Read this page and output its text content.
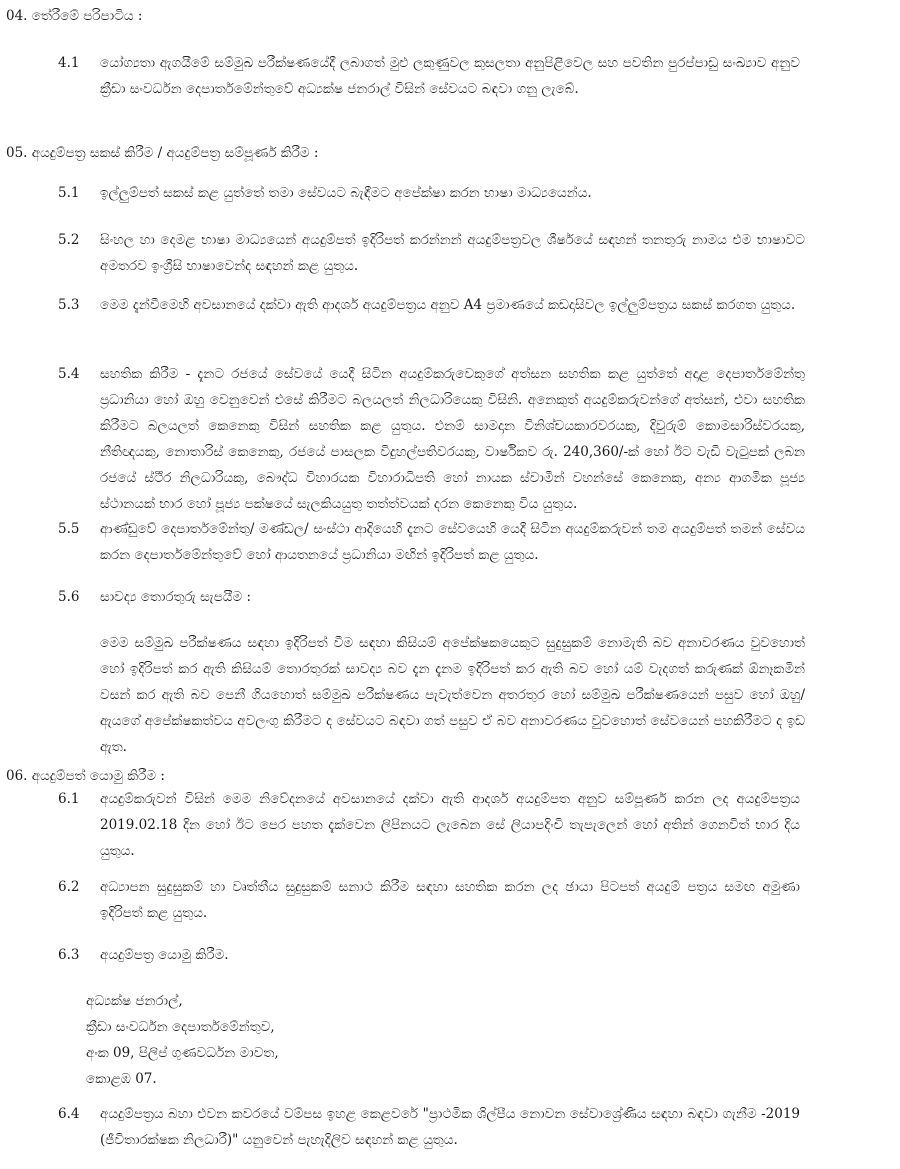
04. තේරීමේ පරිපාටිය :
4.1 යෝග්‍යතා ඇගයීමේ සම්මුඛ පරීක්ෂණයේදී ලබාගත් මුළු ලකුණුවල කුසලතා අනුපිළිවෙල සහ පවතින පුරප්පාඩු සංඛ්‍යාව අනුව ක්‍රීඩා සංවර්ධන දෙපාර්තමේන්තුවේ අධ්‍යක්ෂ ජනරාල් විසින් සේවයට බඳවා ගනු ලැබේ.
05. අයදුම්පත්‍ර සකස් කිරීම / අයදුම්පත්‍ර සම්පූර්ණ කිරීම :
5.1 ඉල්ලුම්පත් සකස් කළ යුත්තේ තමා සේවයට බැඳීමට අපේක්ෂා කරන භාෂා මාධ්‍යයෙන්ය.
5.2 සිංහල හා දෙමළ භාෂා මාධ්‍යයෙන් අයදුම්පත් ඉදිරිපත් කරන්නන් අයදුම්පත්‍රවල ශීර්ෂයේ සඳහන් තනතුරු නාමය එම භාෂාවට අමතරව ඉංග්‍රීසි භාෂාවෙන්ද සඳහන් කළ යුතුය.
5.3 මෙම දැන්වීමෙහි අවසානයේ දක්වා ඇති ආදර්ශ අයදුම්පත්‍රය අනුව A4 ප්‍රමාණයේ කඩදාසිවල ඉල්ලුම්පත්‍රය සකස් කරගත යුතුය.
5.4 සහතික කිරීම - දැනට රජයේ සේවයේ යෙදී සිටින අයදුම්කරුවෙකුගේ අත්සන සහතික කළ යුත්තේ අදාළ දෙපාර්තමේන්තු ප්‍රධානියා හෝ ඔහු වෙනුවෙන් එසේ කිරීමට බලයලත් නිලධාරියෙකු විසිනි. අනෙකුත් අයදුම්කරුවන්ගේ අත්සන්, එවා සහතික කිරීමට බලයලත් කෙනෙකු විසින් සහතික කළ යුතුය. එනම් සාමදාන විනිශ්චයකාරවරයකු, දිවුරුම් කොමසාරිස්වරයකු, නීතිඥයකු, නොතාරිස් කෙනෙකු, රජයේ පාසලක විදුහල්පතිවරයකු, වාර්ෂිකව රු. 240,360/-ක් හෝ ඊට වැඩි වැටුපක් ලබන රජයේ ස්ථිර නිලධාරියකු, බෞද්ධ විහාරයක විහාරාධිපති හෝ නායක ස්වාමීන් වහන්සේ කෙනෙකු, අන්‍ය ආගමික පූජ්‍ය ස්ථානයක් භාර හෝ පූජ්‍ය පක්ෂයේ සැලකියයුතු තත්ත්වයක් දරන කෙනෙකු විය යුතුය.
5.5 ආණ්ඩුවේ දෙපාර්තමේන්තු/ මණ්ඩල/ සංස්ථා ආදියෙහි දැනට සේවයෙහි යෙදී සිටින අයදුම්කරුවන් තම අයදුම්පත් තමන් සේවය කරන දෙපාර්තමේන්තුවේ හෝ ආයතනයේ ප්‍රධානියා මඟින් ඉදිරිපත් කළ යුතුය.
5.6 සාවද්‍ය තොරතුරු සැපයීම :
මෙම සම්මුඛ පරීක්ෂණය සඳහා ඉදිරිපත් වීම සඳහා කිසියම් අපේක්ෂකයෙකුට සුදුසුකම් නොමැති බව අනාවරණය වුවහොත් හෝ ඉදිරිපත් කර ඇති කිසියම් තොරතුරක් සාවද්‍ය බව දැන දැනම ඉදිරිපත් කර ඇති බව හෝ යම් වැදගත් කරුණක් ඕනෑකමින් වසන් කර ඇති බව පෙනී ගියහොත් සම්මුඛ පරීක්ෂණය පැවැත්වෙන අතරතුර හෝ සම්මුඛ පරීක්ෂණයෙන් පසුව හෝ ඔහු/ඇයගේ අපේක්ෂකත්වය අවලංගු කිරීමට ද සේවයට බඳවා ගත් පසුව ඒ බව අනාවරණය වුවහොත් සේවයෙන් පහකිරීමට ද ඉඩ ඇත.
06. අයදුම්පත් යොමු කිරීම :
6.1 අයදුම්කරුවන් විසින් මෙම නිවේදනයේ අවසානයේ දක්වා ඇති ආදර්ශ අයදුම්පත අනුව සම්පූර්ණ කරන ලද අයදුම්පත්‍රය 2019.02.18 දින හෝ ඊට පෙර පහත දැක්වෙන ලිපිනයට ලැබෙන සේ ලියාපදිංචි තැපැලෙන් හෝ අතින් ගෙනවිත් භාර දිය යුතුය.
6.2 අධ්‍යාපන සුදුසුකම් හා වෘත්තීය සුදුසුකම් සනාථ කිරීම සඳහා සහතික කරන ලද ඡායා පිටපත් අයදුම් පත්‍රය සමඟ අමුණා ඉදිරිපත් කළ යුතුය.
6.3 අයදුම්පත්‍ර යොමු කිරීම.
අධ්‍යක්ෂ ජනරාල්,
ක්‍රීඩා සංවර්ධන දෙපාර්තමේන්තුව,
අංක 09, පිලිප් ගුණවර්ධන මාවත,
කොළඹ 07.
6.4 අයදුම්පත්‍රය බහා එවන කවරයේ වම්පස ඉහළ කෙළවරේ "ප්‍රාථමික ශිල්පීය නොවන සේවාශ්‍රේණිය සඳහා බඳවා ගැනීම -2019 (ජීවිතාරක්ෂක නිලධාරී)" යනුවෙන් පැහැදිලිව සඳහන් කළ යුතුය.
